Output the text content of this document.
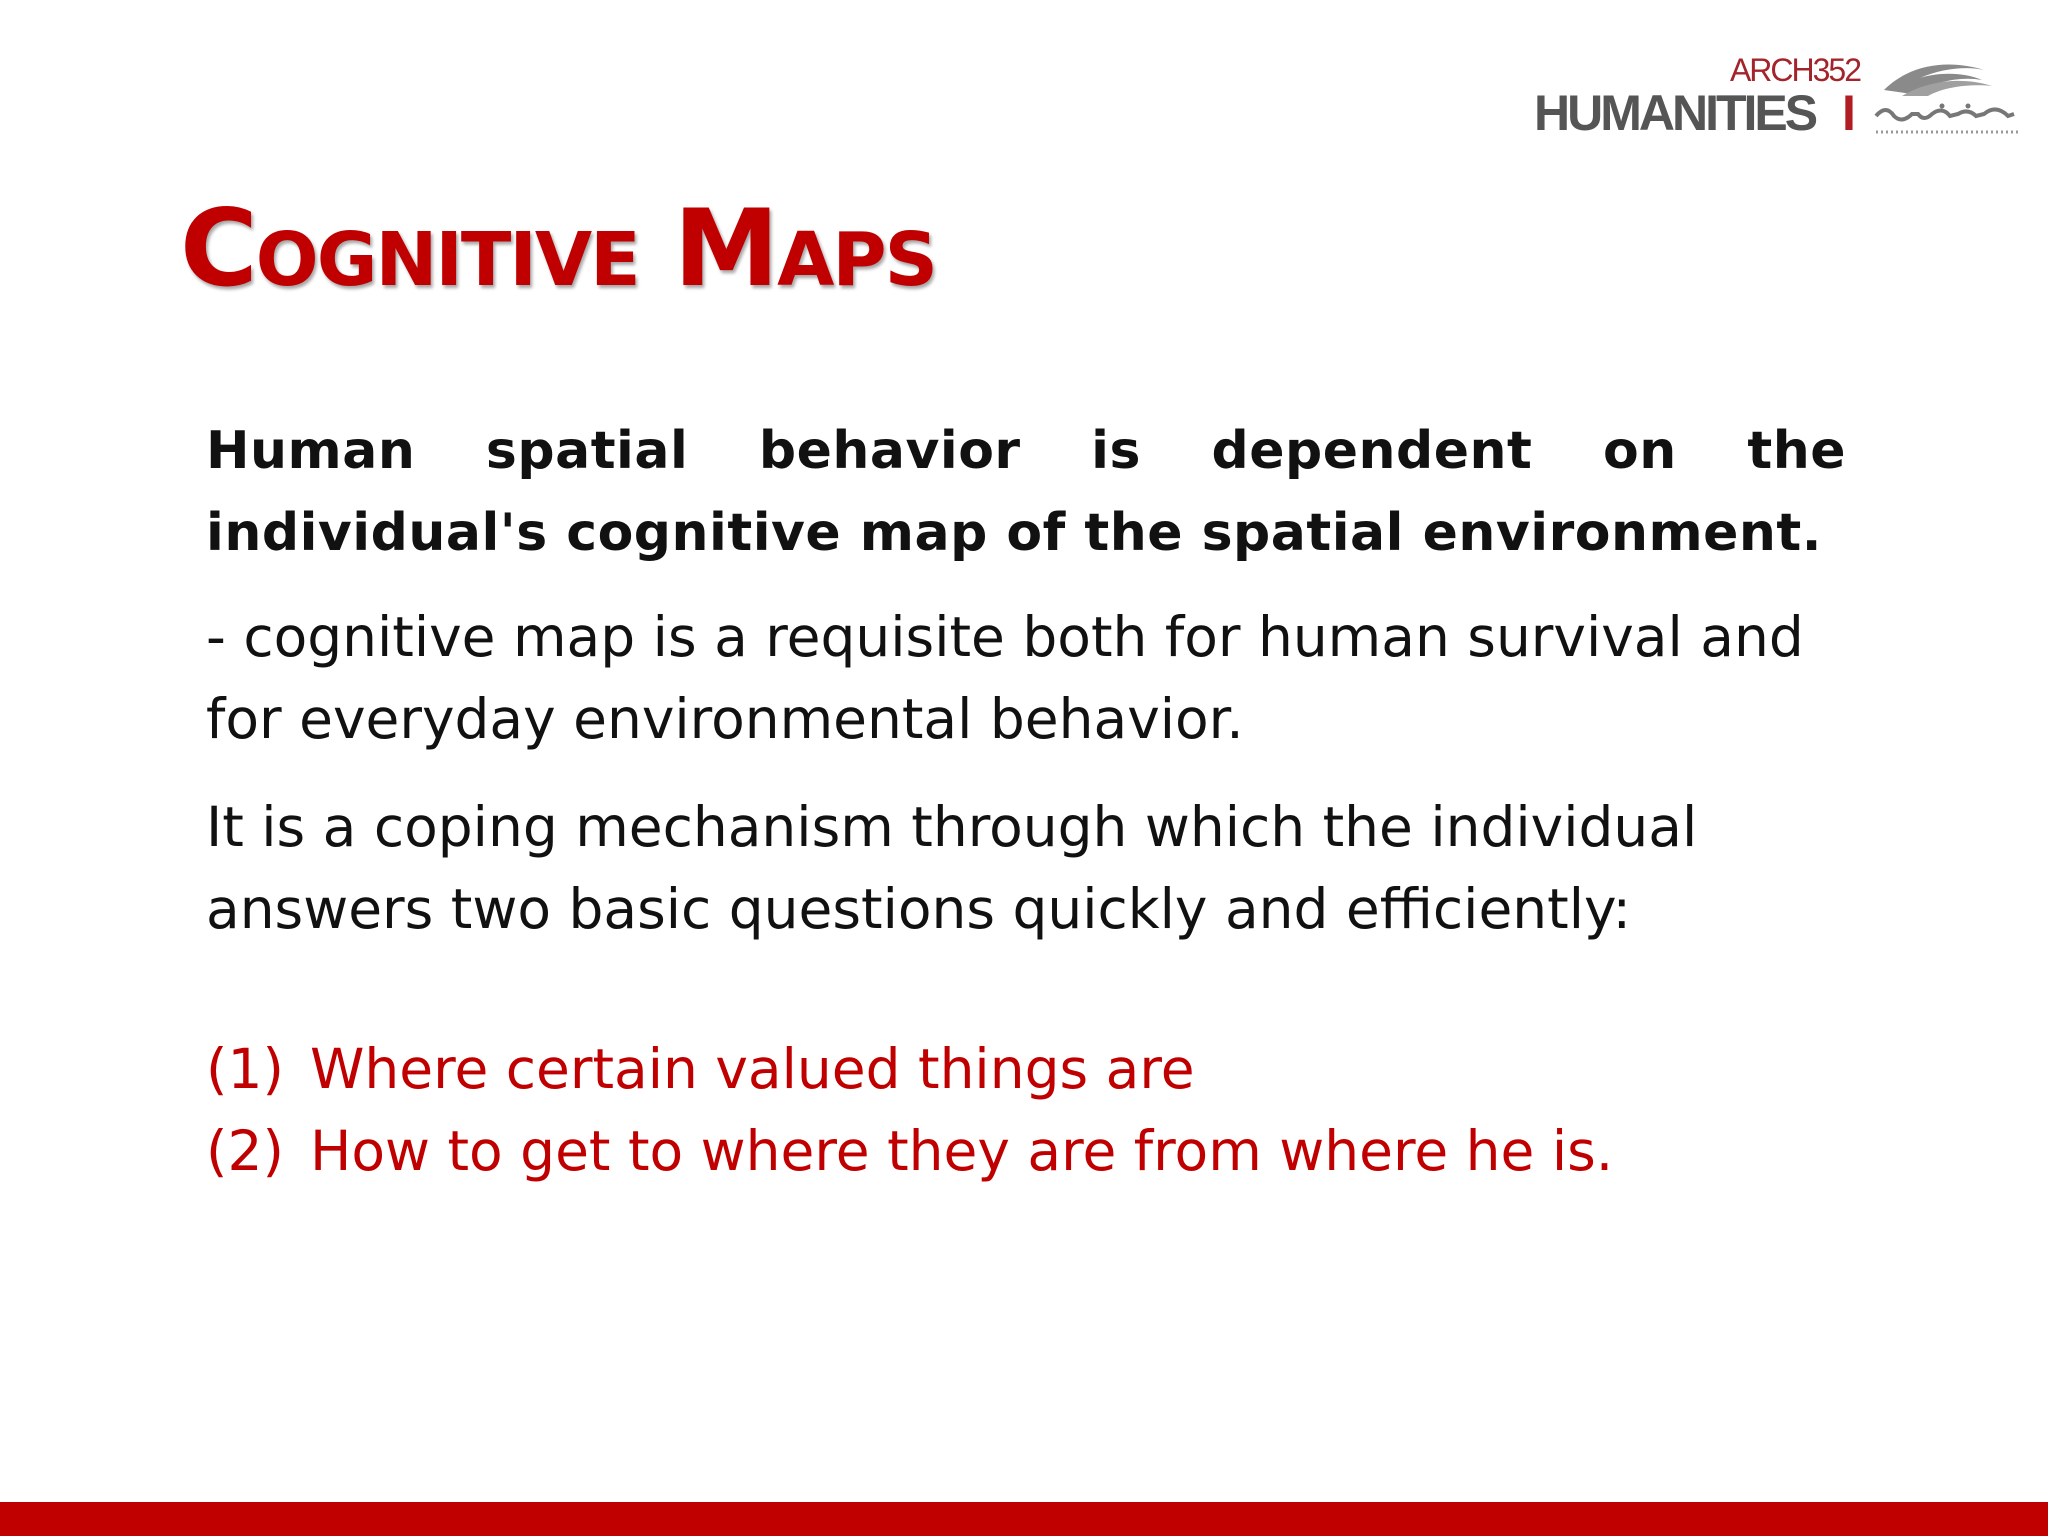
ARCH352
HUMANITIES I
Cognitive Maps

Human spatial behavior is dependent on the individual's cognitive map of the spatial environment.

- cognitive map is a requisite both for human survival and for everyday environmental behavior.

It is a coping mechanism through which the individual answers two basic questions quickly and efficiently:

(1) Where certain valued things are
(2) How to get to where they are from where he is.
